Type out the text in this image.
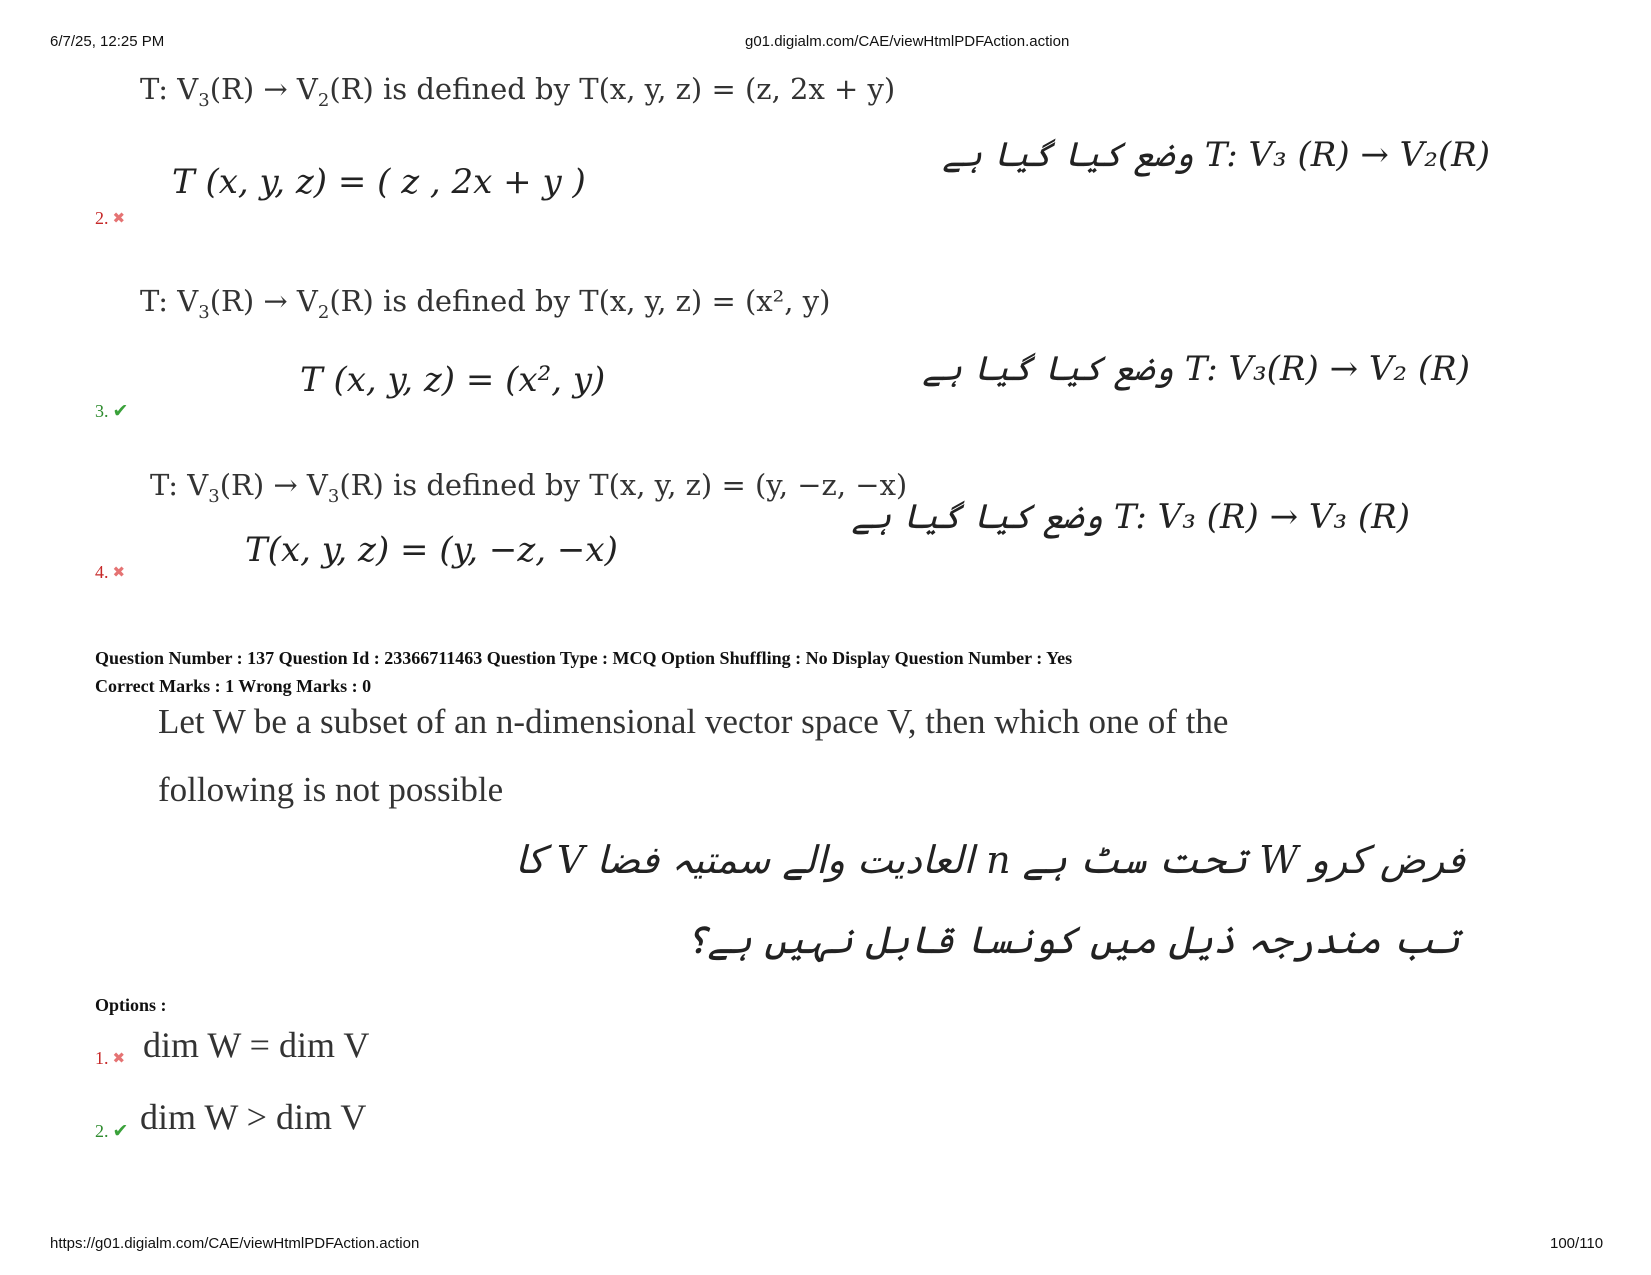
6/7/25, 12:25 PM	g01.digialm.com/CAE/viewHtmlPDFAction.action
T: $V_3(R) \to V_2(R)$ is defined by T(x, y, z) = (z, 2x + y)
T (x, y, z) = ( z , 2x + y )
T: V₃ (R) → V₂(R) وضع کیا گیا ہے
2. ✖
T: $V_3(R) \to V_2(R)$ is defined by T(x, y, z) = (x², y)
T (x, y, z) = (x², y)	T: V₃(R) → V₂ (R) وضع کیا گیا ہے
3. ✔
T: $V_3(R) \to V_3(R)$ is defined by T(x, y, z) = (y, −z, −x)
T(x, y, z) = (y, −z, −x)
T: V₃ (R) → V₃ (R) وضع کیا گیا ہے
4. ✖
Question Number : 137 Question Id : 23366711463 Question Type : MCQ Option Shuffling : No Display Question Number : Yes
Correct Marks : 1 Wrong Marks : 0
Let W be a subset of an n-dimensional vector space V, then which one of the
following is not possible
فرض کرو W تحت سٹ ہے n العادیت والے سمتیہ فضا V کا
تب مندرجہ ذیل میں کونسا قابل نہیں ہے؟
Options :
1. ✖ dim W = dim V
2. ✔ dim W > dim V
https://g01.digialm.com/CAE/viewHtmlPDFAction.action	100/110
